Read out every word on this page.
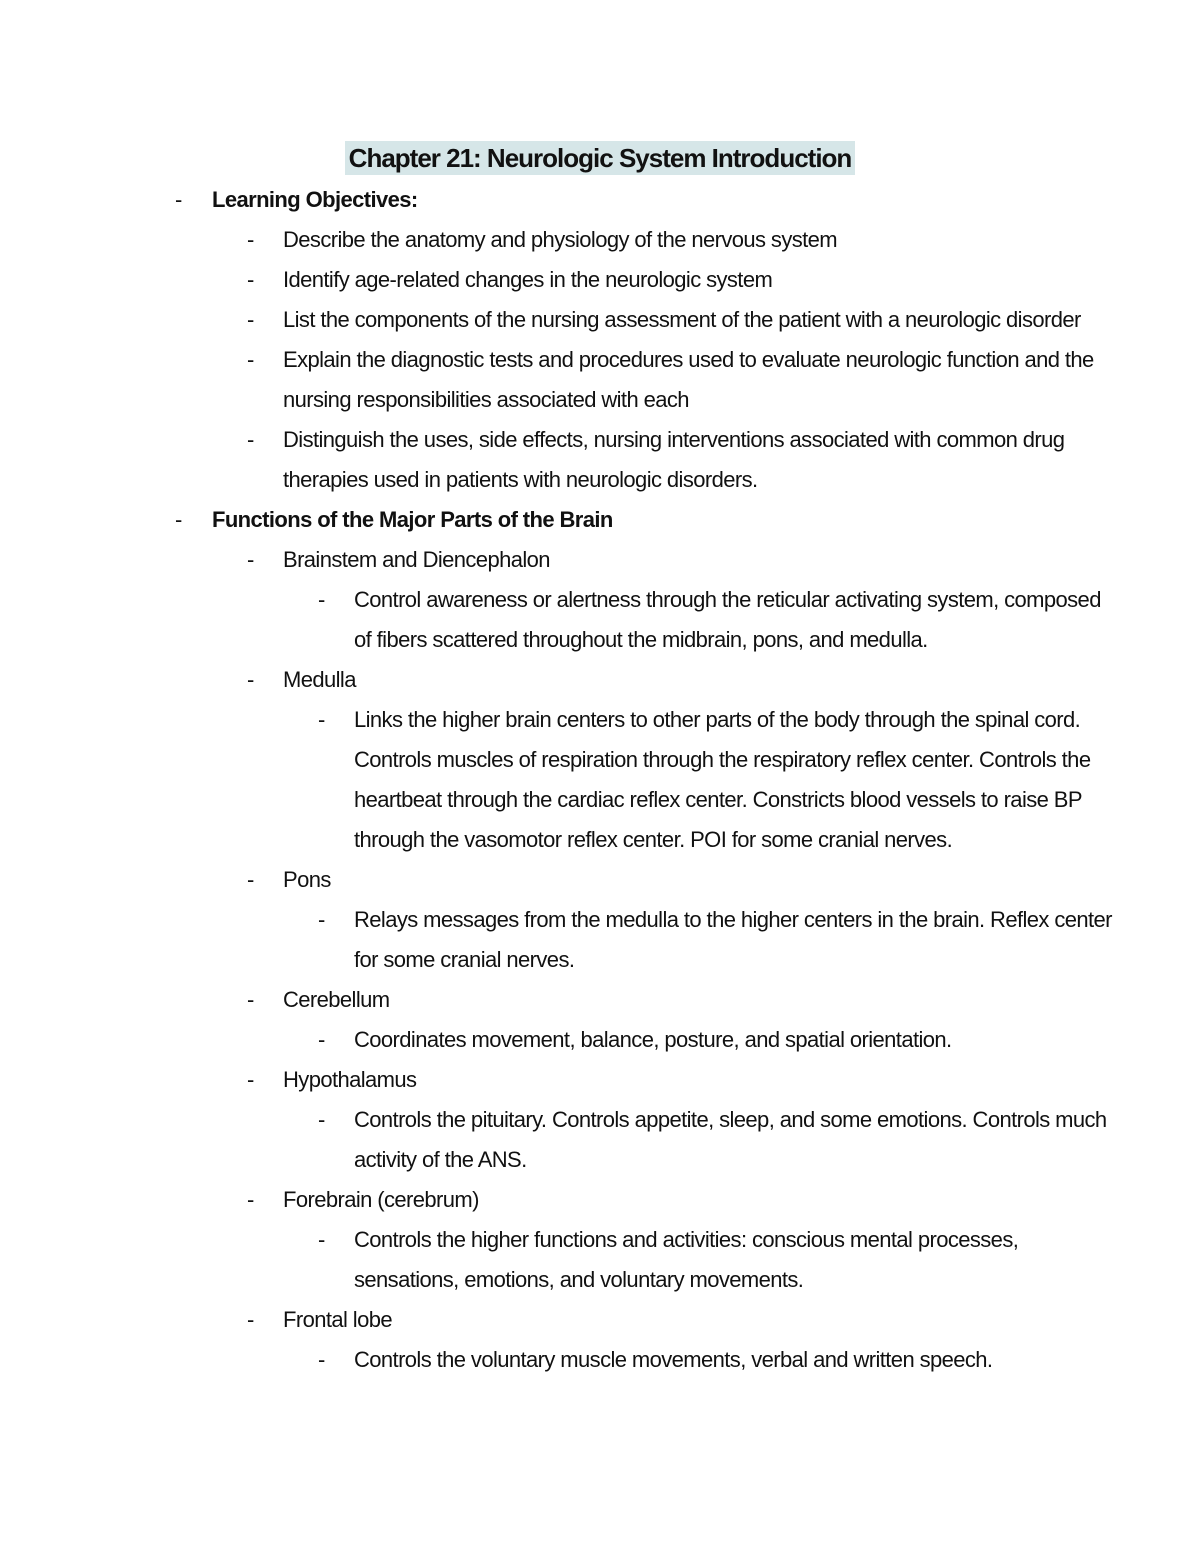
Chapter 21: Neurologic System Introduction
-	Learning Objectives:
-	Describe the anatomy and physiology of the nervous system
-	Identify age-related changes in the neurologic system
-	List the components of the nursing assessment of the patient with a neurologic disorder
-	Explain the diagnostic tests and procedures used to evaluate neurologic function and the
nursing responsibilities associated with each
-	Distinguish the uses, side effects, nursing interventions associated with common drug
therapies used in patients with neurologic disorders.
-	Functions of the Major Parts of the Brain
-	Brainstem and Diencephalon
-	Control awareness or alertness through the reticular activating system, composed
of fibers scattered throughout the midbrain, pons, and medulla.
-	Medulla
-	Links the higher brain centers to other parts of the body through the spinal cord.
Controls muscles of respiration through the respiratory reflex center. Controls the
heartbeat through the cardiac reflex center. Constricts blood vessels to raise BP
through the vasomotor reflex center. POI for some cranial nerves.
-	Pons
-	Relays messages from the medulla to the higher centers in the brain. Reflex center
for some cranial nerves.
-	Cerebellum
-	Coordinates movement, balance, posture, and spatial orientation.
-	Hypothalamus
-	Controls the pituitary. Controls appetite, sleep, and some emotions. Controls much
activity of the ANS.
-	Forebrain (cerebrum)
-	Controls the higher functions and activities: conscious mental processes,
sensations, emotions, and voluntary movements.
-	Frontal lobe
-	Controls the voluntary muscle movements, verbal and written speech.
